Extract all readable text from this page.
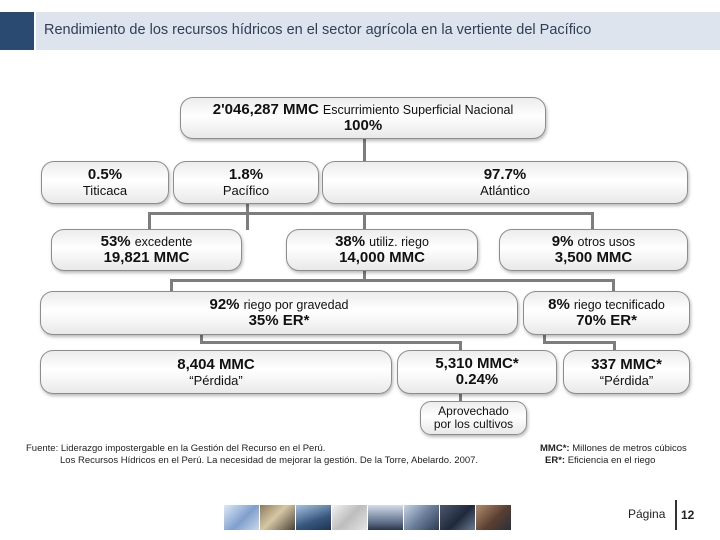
Rendimiento de los recursos hídricos en el sector agrícola en la vertiente del Pacífico
2'046,287 MMC Escurrimiento Superficial Nacional
100%
0.5%
Titicaca
1.8%
Pacífico
97.7%
Atlántico
53% excedente
19,821 MMC
38% utiliz. riego
14,000 MMC
9% otros usos
3,500 MMC
92% riego por gravedad
35% ER*
8% riego tecnificado
70% ER*
8,404 MMC
“Pérdida”
5,310 MMC*
0.24%
337 MMC*
“Pérdida”
Aprovechado
por los cultivos
Fuente: Liderazgo impostergable en la Gestión del Recurso en el Perú.
Los Recursos Hídricos en el Perú. La necesidad de mejorar la gestión. De la Torre, Abelardo. 2007.
MMC*: Millones de metros cúbicos
ER*: Eficiencia en el riego
Página 12
